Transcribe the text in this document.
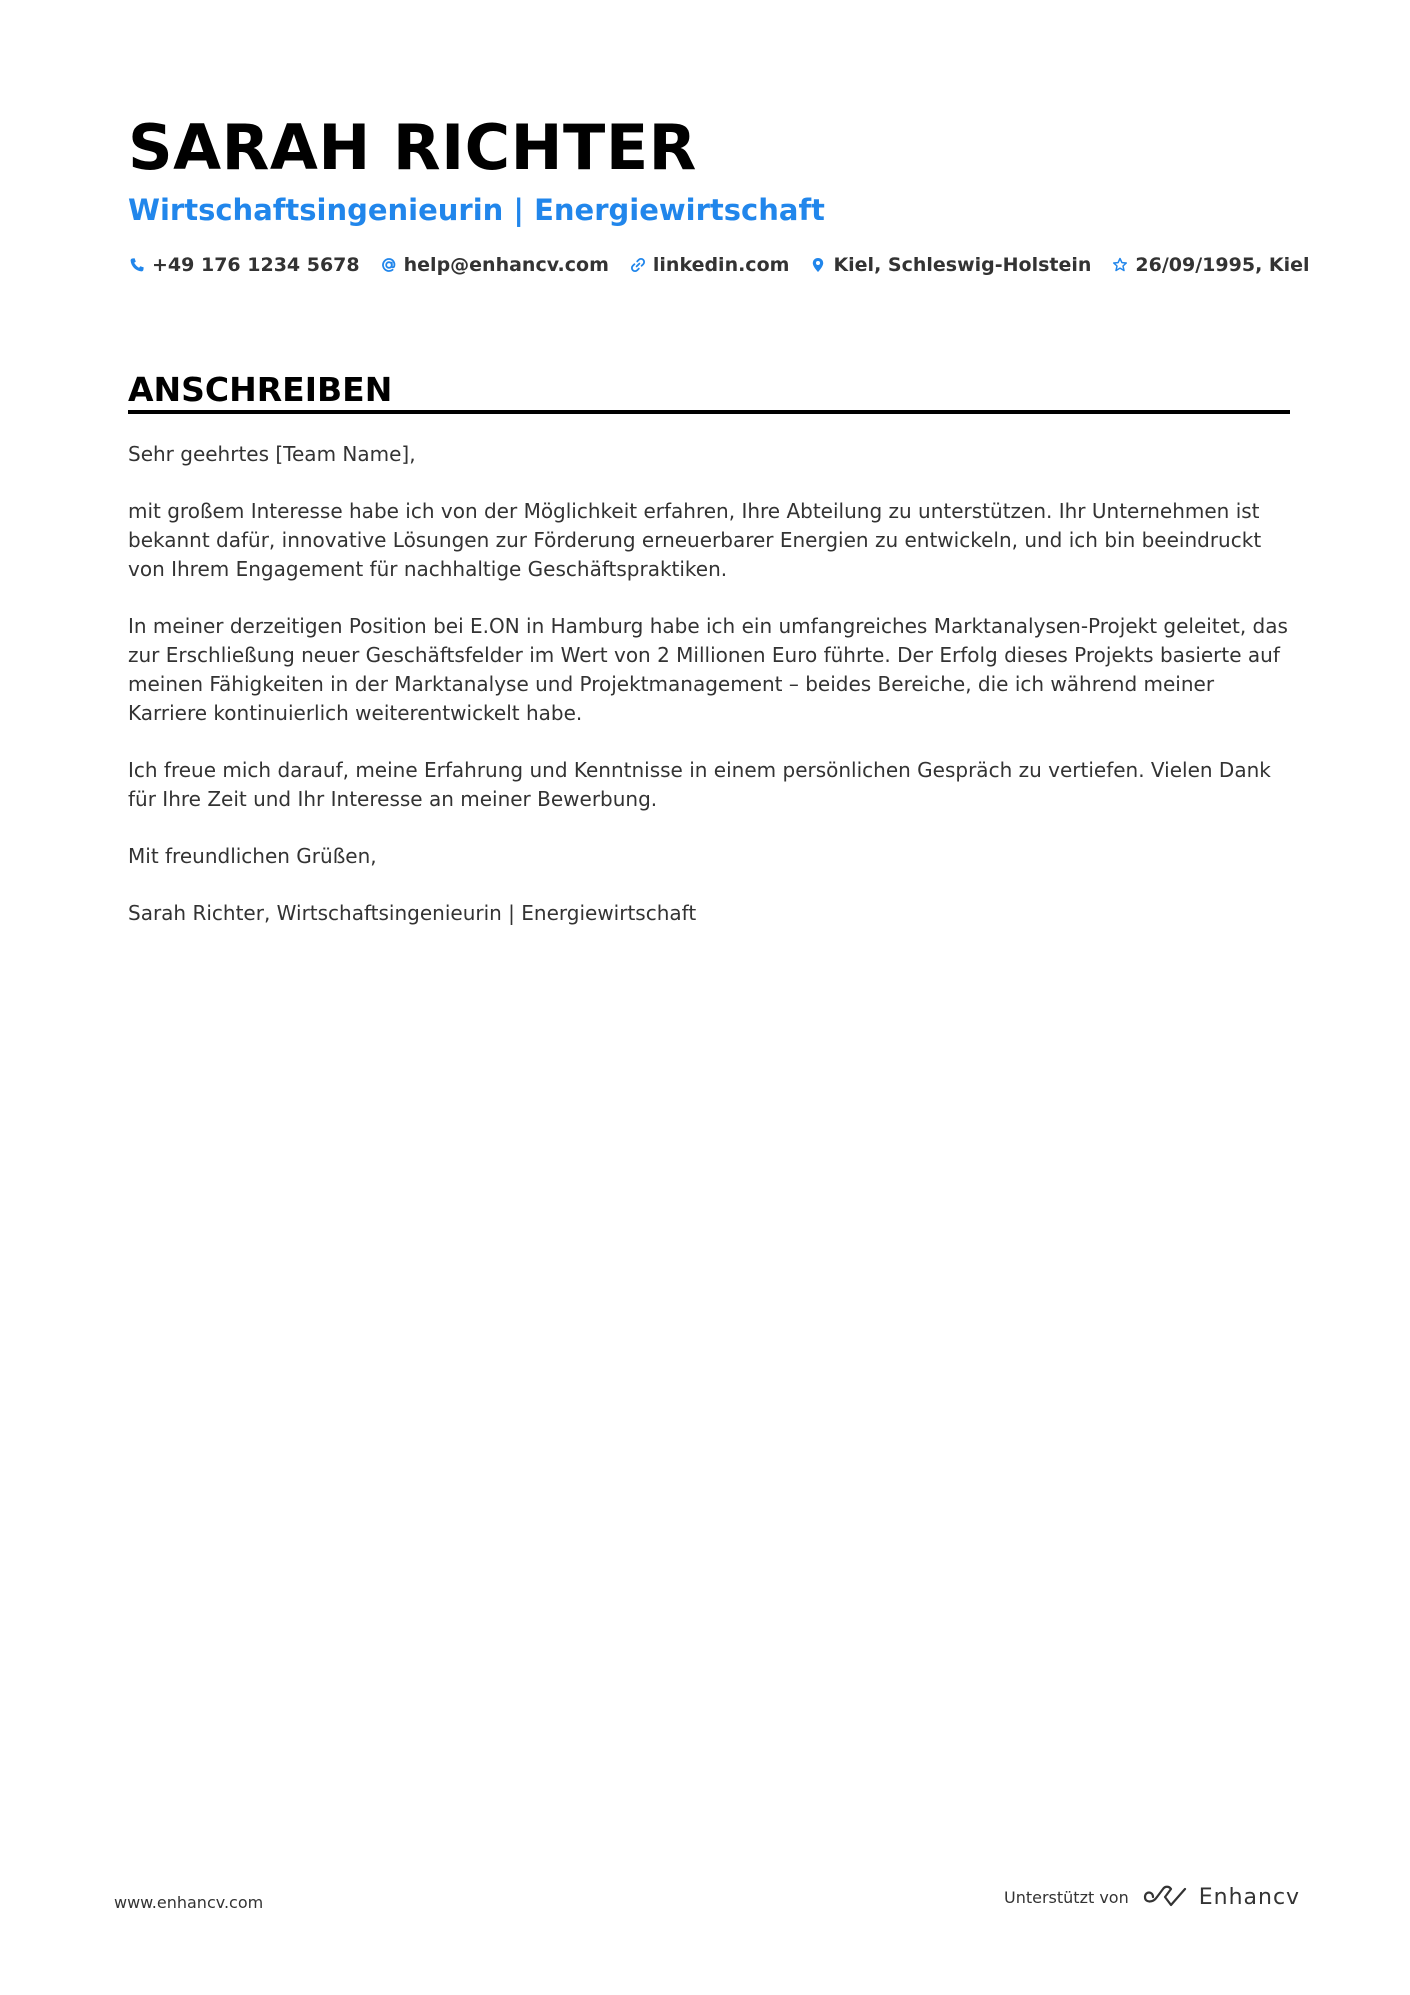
SARAH RICHTER
Wirtschaftsingenieurin | Energiewirtschaft
+49 176 1234 5678 help@enhancv.com linkedin.com Kiel, Schleswig-Holstein 26/09/1995, Kiel
ANSCHREIBEN

Sehr geehrtes [Team Name],

mit großem Interesse habe ich von der Möglichkeit erfahren, Ihre Abteilung zu unterstützen. Ihr Unternehmen ist bekannt dafür, innovative Lösungen zur Förderung erneuerbarer Energien zu entwickeln, und ich bin beeindruckt von Ihrem Engagement für nachhaltige Geschäftspraktiken.

In meiner derzeitigen Position bei E.ON in Hamburg habe ich ein umfangreiches Marktanalysen-Projekt geleitet, das zur Erschließung neuer Geschäftsfelder im Wert von 2 Millionen Euro führte. Der Erfolg dieses Projekts basierte auf meinen Fähigkeiten in der Marktanalyse und Projektmanagement – beides Bereiche, die ich während meiner Karriere kontinuierlich weiterentwickelt habe.

Ich freue mich darauf, meine Erfahrung und Kenntnisse in einem persönlichen Gespräch zu vertiefen. Vielen Dank für Ihre Zeit und Ihr Interesse an meiner Bewerbung.

Mit freundlichen Grüßen,

Sarah Richter, Wirtschaftsingenieurin | Energiewirtschaft

www.enhancv.com	Unterstützt von	Enhancv
